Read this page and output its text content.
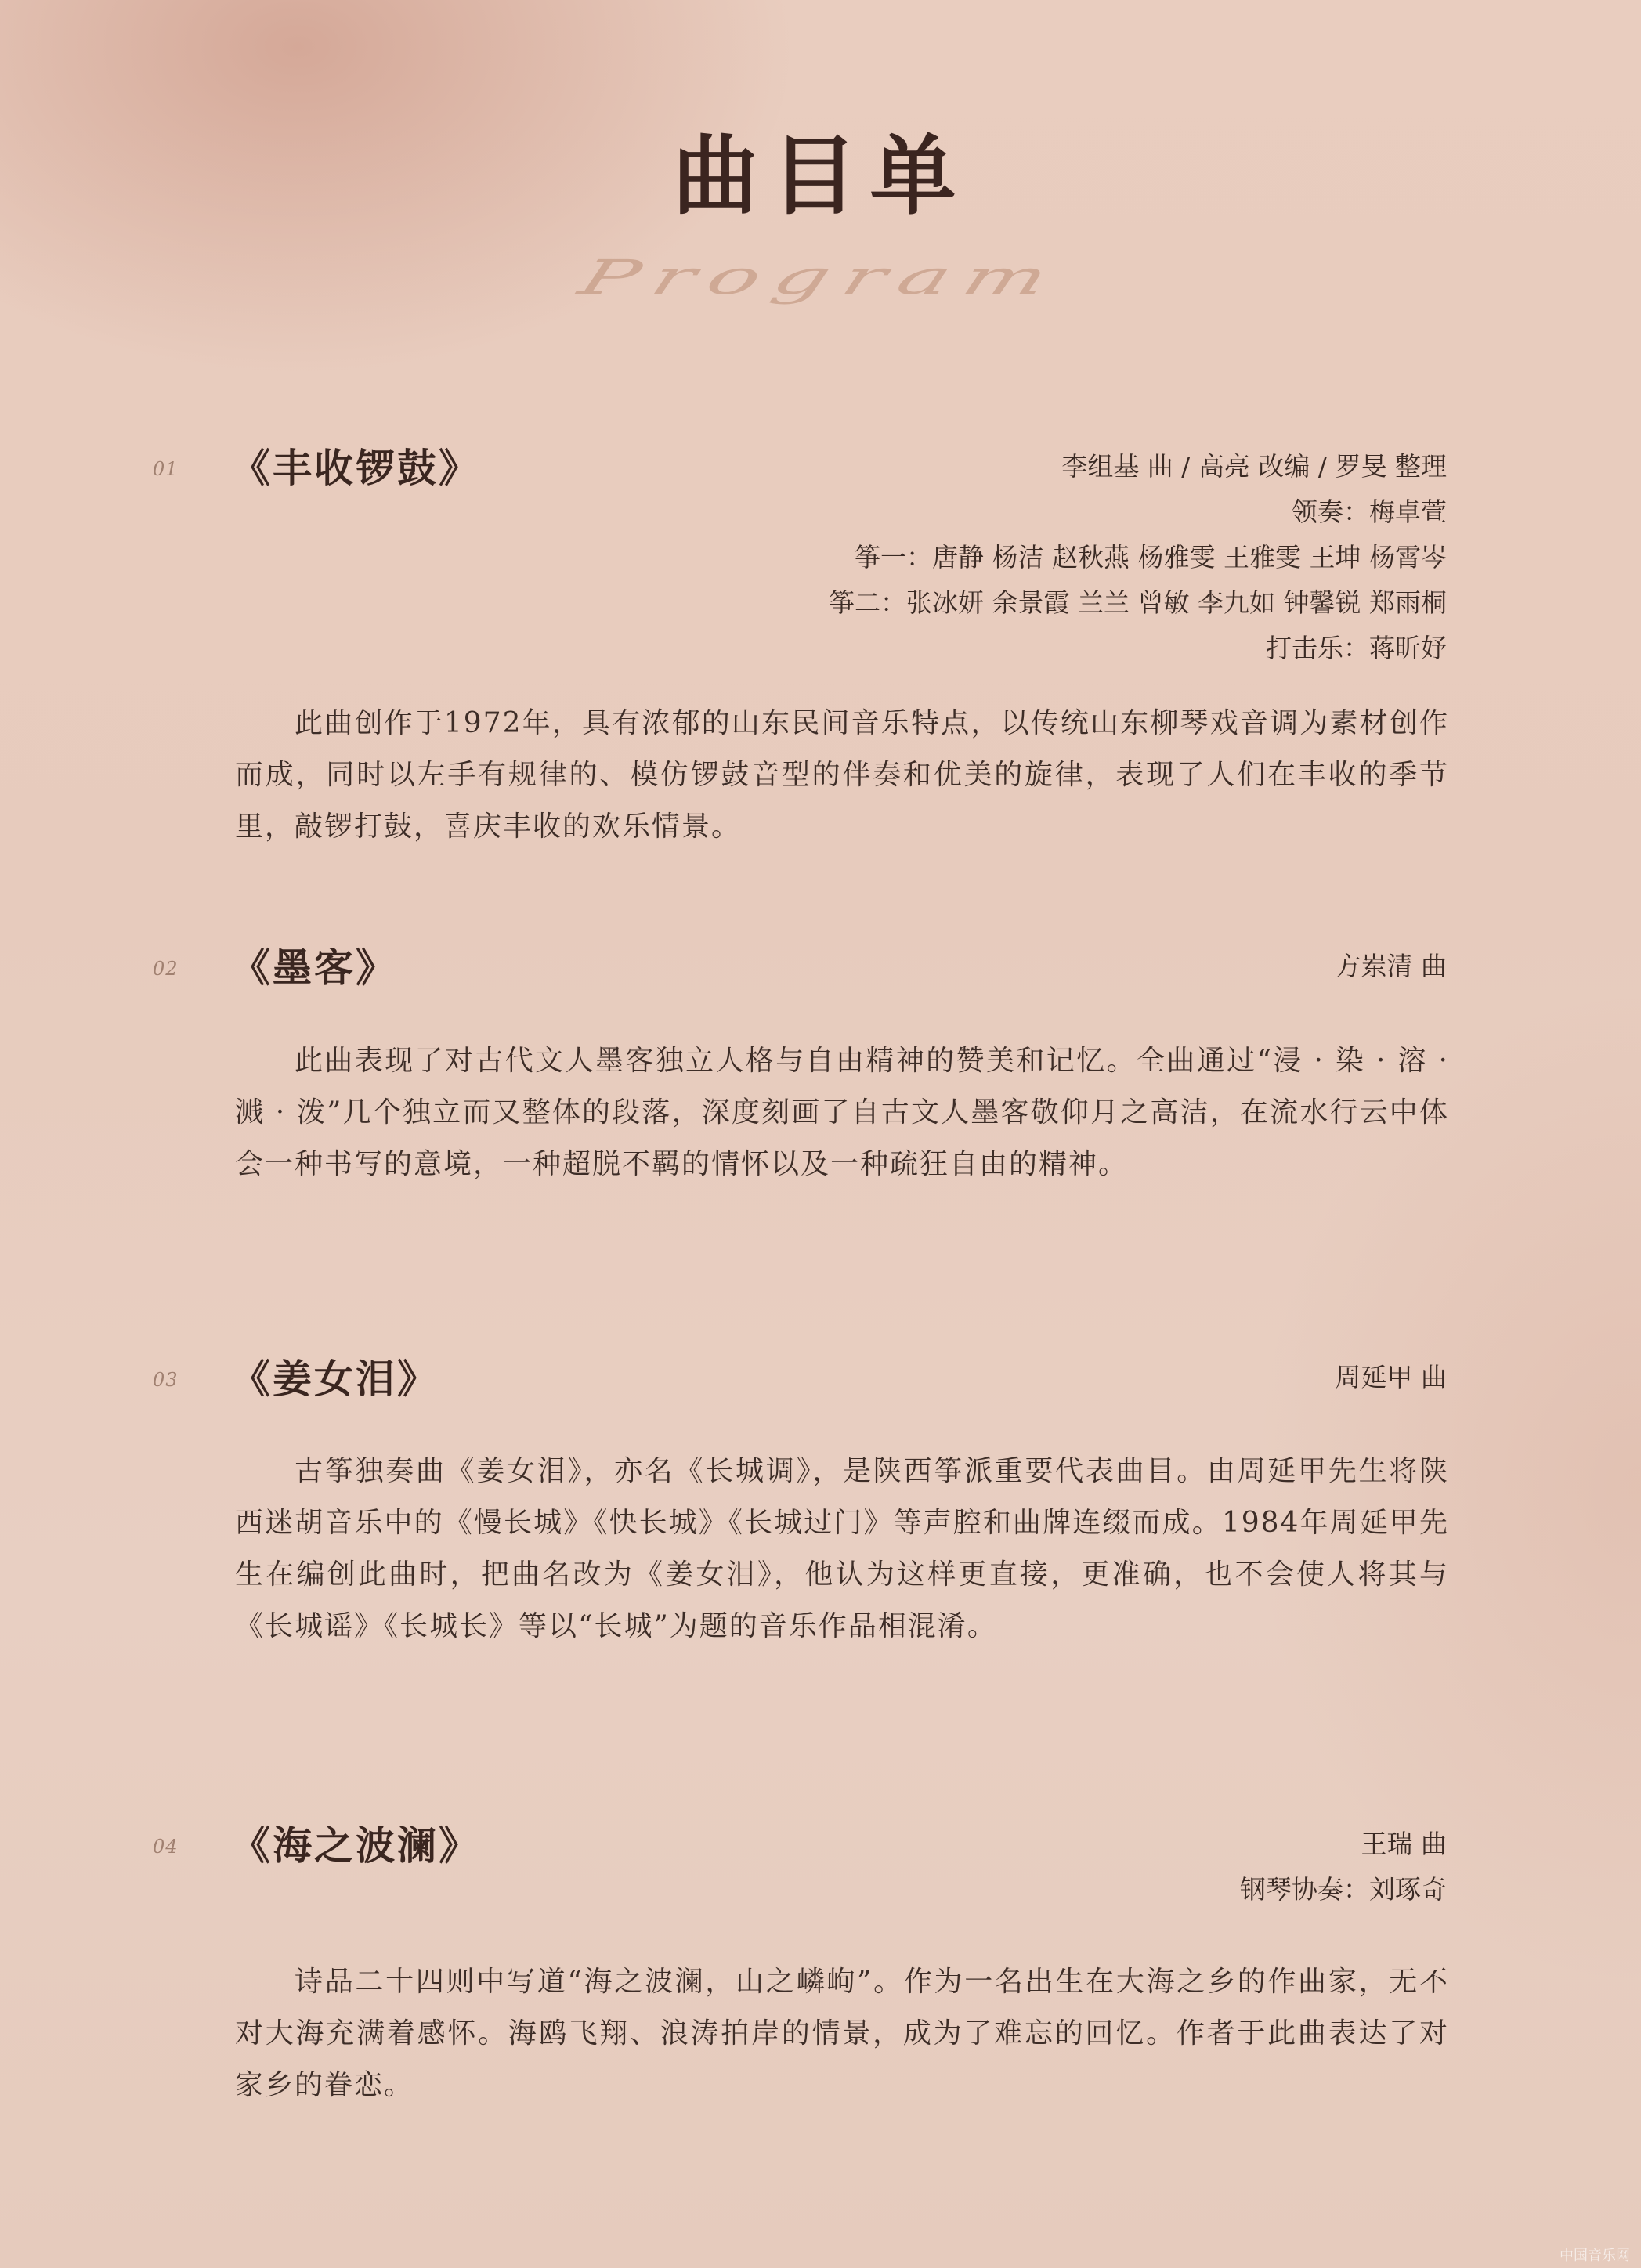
曲目单
Program
01 《丰收锣鼓》	李组基 曲 / 高亮 改编 / 罗旻 整理
领奏：梅卓萱
筝一：唐静 杨洁 赵秋燕 杨雅雯 王雅雯 王坤 杨霄岑
筝二：张冰妍 余景霞 兰兰 曾敏 李九如 钟馨锐 郑雨桐
打击乐：蒋昕妤
此曲创作于1972年，具有浓郁的山东民间音乐特点，以传统山东柳琴戏音调为素材创作而成，同时以左手有规律的、模仿锣鼓音型的伴奏和优美的旋律，表现了人们在丰收的季节里，敲锣打鼓，喜庆丰收的欢乐情景。
02 《墨客》	方岽清 曲
此曲表现了对古代文人墨客独立人格与自由精神的赞美和记忆。全曲通过“浸 · 染 · 溶 · 溅 · 泼”几个独立而又整体的段落，深度刻画了自古文人墨客敬仰月之高洁，在流水行云中体会一种书写的意境，一种超脱不羁的情怀以及一种疏狂自由的精神。
03 《姜女泪》	周延甲 曲
古筝独奏曲《姜女泪》，亦名《长城调》，是陕西筝派重要代表曲目。由周延甲先生将陕西迷胡音乐中的《慢长城》《快长城》《长城过门》等声腔和曲牌连缀而成。1984年周延甲先生在编创此曲时，把曲名改为《姜女泪》，他认为这样更直接，更准确，也不会使人将其与《长城谣》《长城长》等以“长城”为题的音乐作品相混淆。
04 《海之波澜》	王瑞 曲
钢琴协奏：刘琢奇
诗品二十四则中写道“海之波澜，山之嶙峋”。作为一名出生在大海之乡的作曲家，无不对大海充满着感怀。海鸥飞翔、浪涛拍岸的情景，成为了难忘的回忆。作者于此曲表达了对家乡的眷恋。
中国音乐网
